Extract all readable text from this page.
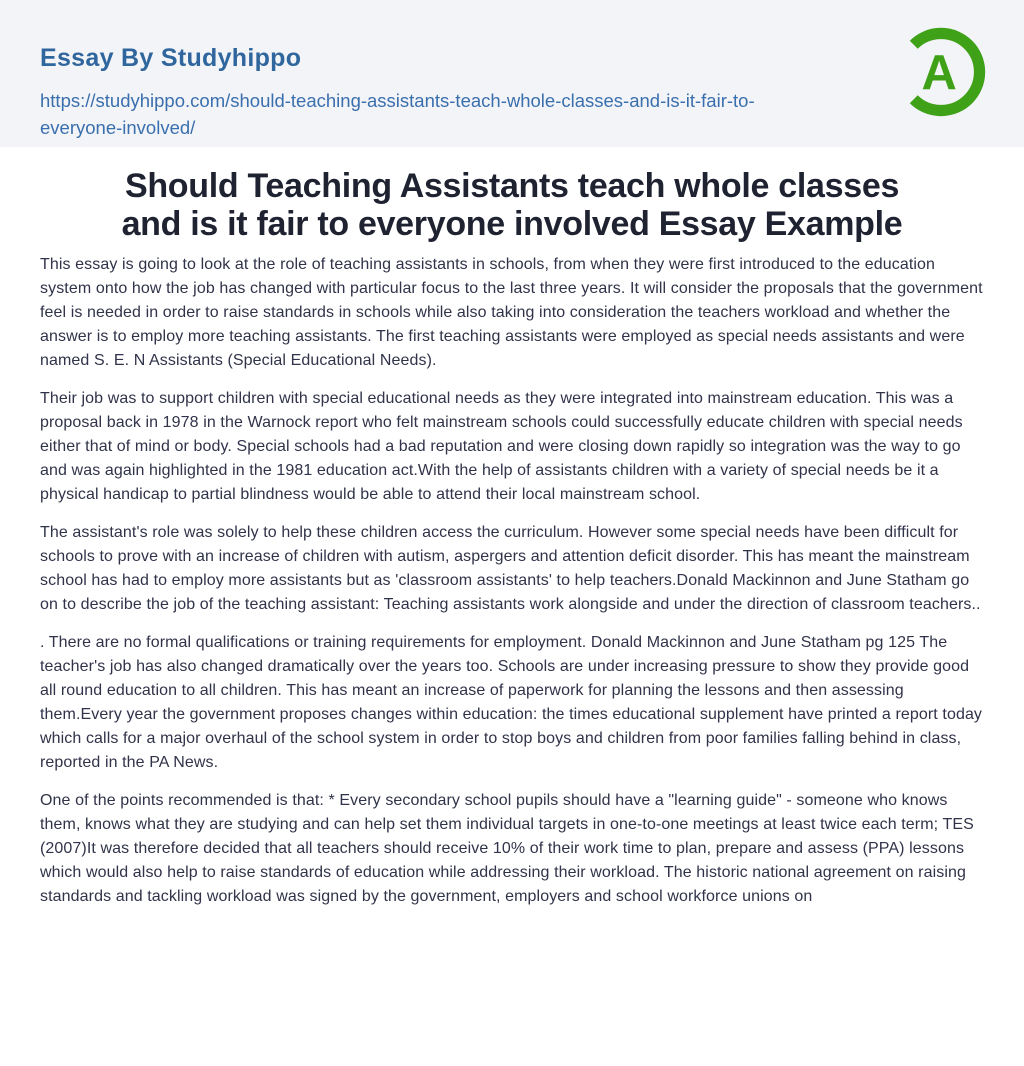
Essay By Studyhippo
https://studyhippo.com/should-teaching-assistants-teach-whole-classes-and-is-it-fair-to-everyone-involved/
A
Should Teaching Assistants teach whole classes
and is it fair to everyone involved Essay Example

This essay is going to look at the role of teaching assistants in schools, from when they were first introduced to the education system onto how the job has changed with particular focus to the last three years. It will consider the proposals that the government feel is needed in order to raise standards in schools while also taking into consideration the teachers workload and whether the answer is to employ more teaching assistants. The first teaching assistants were employed as special needs assistants and were named S. E. N Assistants (Special Educational Needs).

Their job was to support children with special educational needs as they were integrated into mainstream education. This was a proposal back in 1978 in the Warnock report who felt mainstream schools could successfully educate children with special needs either that of mind or body. Special schools had a bad reputation and were closing down rapidly so integration was the way to go and was again highlighted in the 1981 education act.With the help of assistants children with a variety of special needs be it a physical handicap to partial blindness would be able to attend their local mainstream school.

The assistant's role was solely to help these children access the curriculum. However some special needs have been difficult for schools to prove with an increase of children with autism, aspergers and attention deficit disorder. This has meant the mainstream school has had to employ more assistants but as 'classroom assistants' to help teachers.Donald Mackinnon and June Statham go on to describe the job of the teaching assistant: Teaching assistants work alongside and under the direction of classroom teachers..

. There are no formal qualifications or training requirements for employment. Donald Mackinnon and June Statham pg 125 The teacher's job has also changed dramatically over the years too. Schools are under increasing pressure to show they provide good all round education to all children. This has meant an increase of paperwork for planning the lessons and then assessing them.Every year the government proposes changes within education: the times educational supplement have printed a report today which calls for a major overhaul of the school system in order to stop boys and children from poor families falling behind in class, reported in the PA News.

One of the points recommended is that: * Every secondary school pupils should have a "learning guide" - someone who knows them, knows what they are studying and can help set them individual targets in one-to-one meetings at least twice each term; TES (2007)It was therefore decided that all teachers should receive 10% of their work time to plan, prepare and assess (PPA) lessons which would also help to raise standards of education while addressing their workload. The historic national agreement on raising standards and tackling workload was signed by the government, employers and school workforce unions on
